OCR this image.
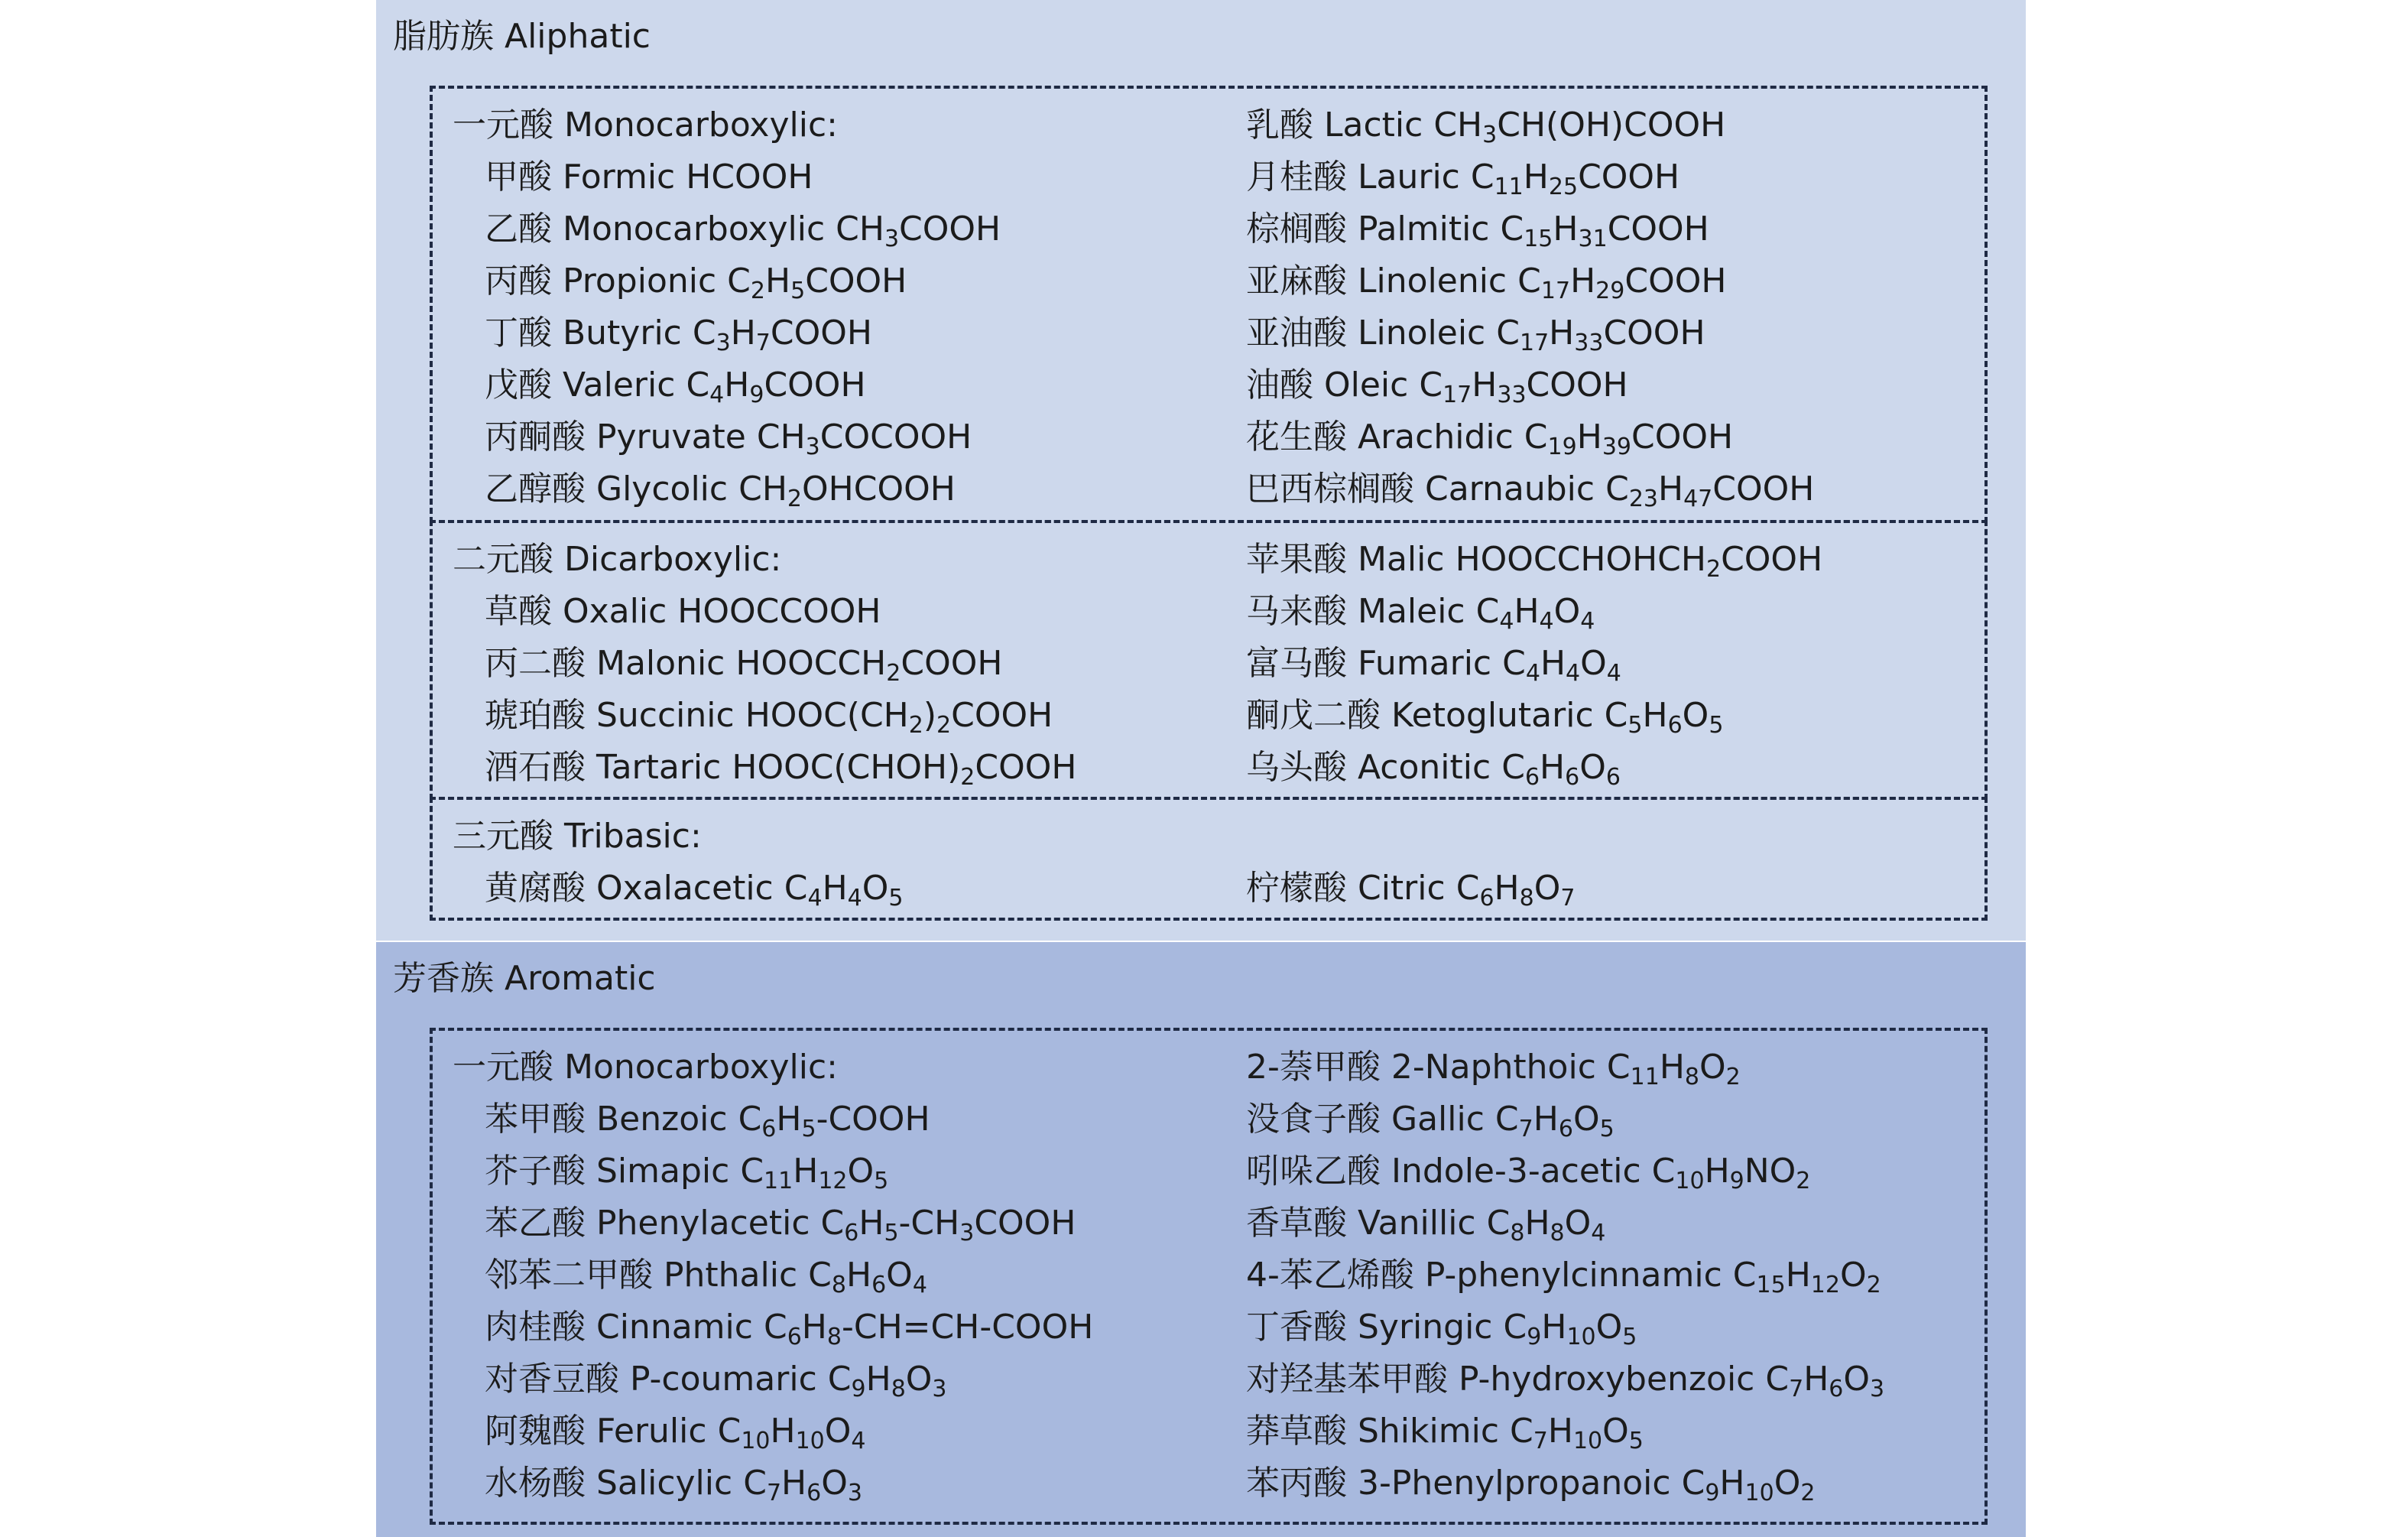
脂肪族 Aliphatic
一元酸 Monocarboxylic:
甲酸 Formic HCOOH
乙酸 Monocarboxylic $CH_3COOH$
丙酸 Propionic $C_2H_5COOH$
丁酸 Butyric $C_3H_7COOH$
戊酸 Valeric $C_4H_9COOH$
丙酮酸 Pyruvate $CH_3COCOOH$
乙醇酸 Glycolic $CH_2OHCOOH$
乳酸 Lactic $CH_3CH(OH)COOH$
月桂酸 Lauric $C_{11}H_{25}COOH$
棕榈酸 Palmitic $C_{15}H_{31}COOH$
亚麻酸 Linolenic $C_{17}H_{29}COOH$
亚油酸 Linoleic $C_{17}H_{33}COOH$
油酸 Oleic $C_{17}H_{33}COOH$
花生酸 Arachidic $C_{19}H_{39}COOH$
巴西棕榈酸 Carnaubic $C_{23}H_{47}COOH$
二元酸 Dicarboxylic:
草酸 Oxalic HOOCCOOH
丙二酸 Malonic $HOOCCH_2COOH$
琥珀酸 Succinic $HOOC(CH_2)_2COOH$
酒石酸 Tartaric $HOOC(CHOH)_2COOH$
苹果酸 Malic $HOOCCHOHCH_2COOH$
马来酸 Maleic $C_4H_4O_4$
富马酸 Fumaric $C_4H_4O_4$
酮戊二酸 Ketoglutaric $C_5H_6O_5$
乌头酸 Aconitic $C_6H_6O_6$
三元酸 Tribasic:
黄腐酸 Oxalacetic $C_4H_4O_5$	柠檬酸 Citric $C_6H_8O_7$
芳香族 Aromatic
一元酸 Monocarboxylic:
苯甲酸 Benzoic $C_6H_5$-COOH
芥子酸 Simapic $C_{11}H_{12}O_5$
苯乙酸 Phenylacetic $C_6H_5-CH_3COOH$
邻苯二甲酸 Phthalic $C_8H_6O_4$
肉桂酸 Cinnamic $C_6H_8-CH=CH$-COOH
对香豆酸 P-coumaric $C_9H_8O_3$
阿魏酸 Ferulic $C_{10}H_{10}O_4$
水杨酸 Salicylic $C_7H_6O_3$
2-萘甲酸 2-Naphthoic $C_{11}H_8O_2$
没食子酸 Gallic $C_7H_6O_5$
吲哚乙酸 Indole-3-acetic $C_{10}H_9NO_2$
香草酸 Vanillic $C_8H_8O_4$
4-苯乙烯酸 P-phenylcinnamic $C_{15}H_{12}O_2$
丁香酸 Syringic $C_9H_{10}O_5$
对羟基苯甲酸 P-hydroxybenzoic $C_7H_6O_3$
莽草酸 Shikimic $C_7H_{10}O_5$
苯丙酸 3-Phenylpropanoic $C_9H_{10}O_2$
